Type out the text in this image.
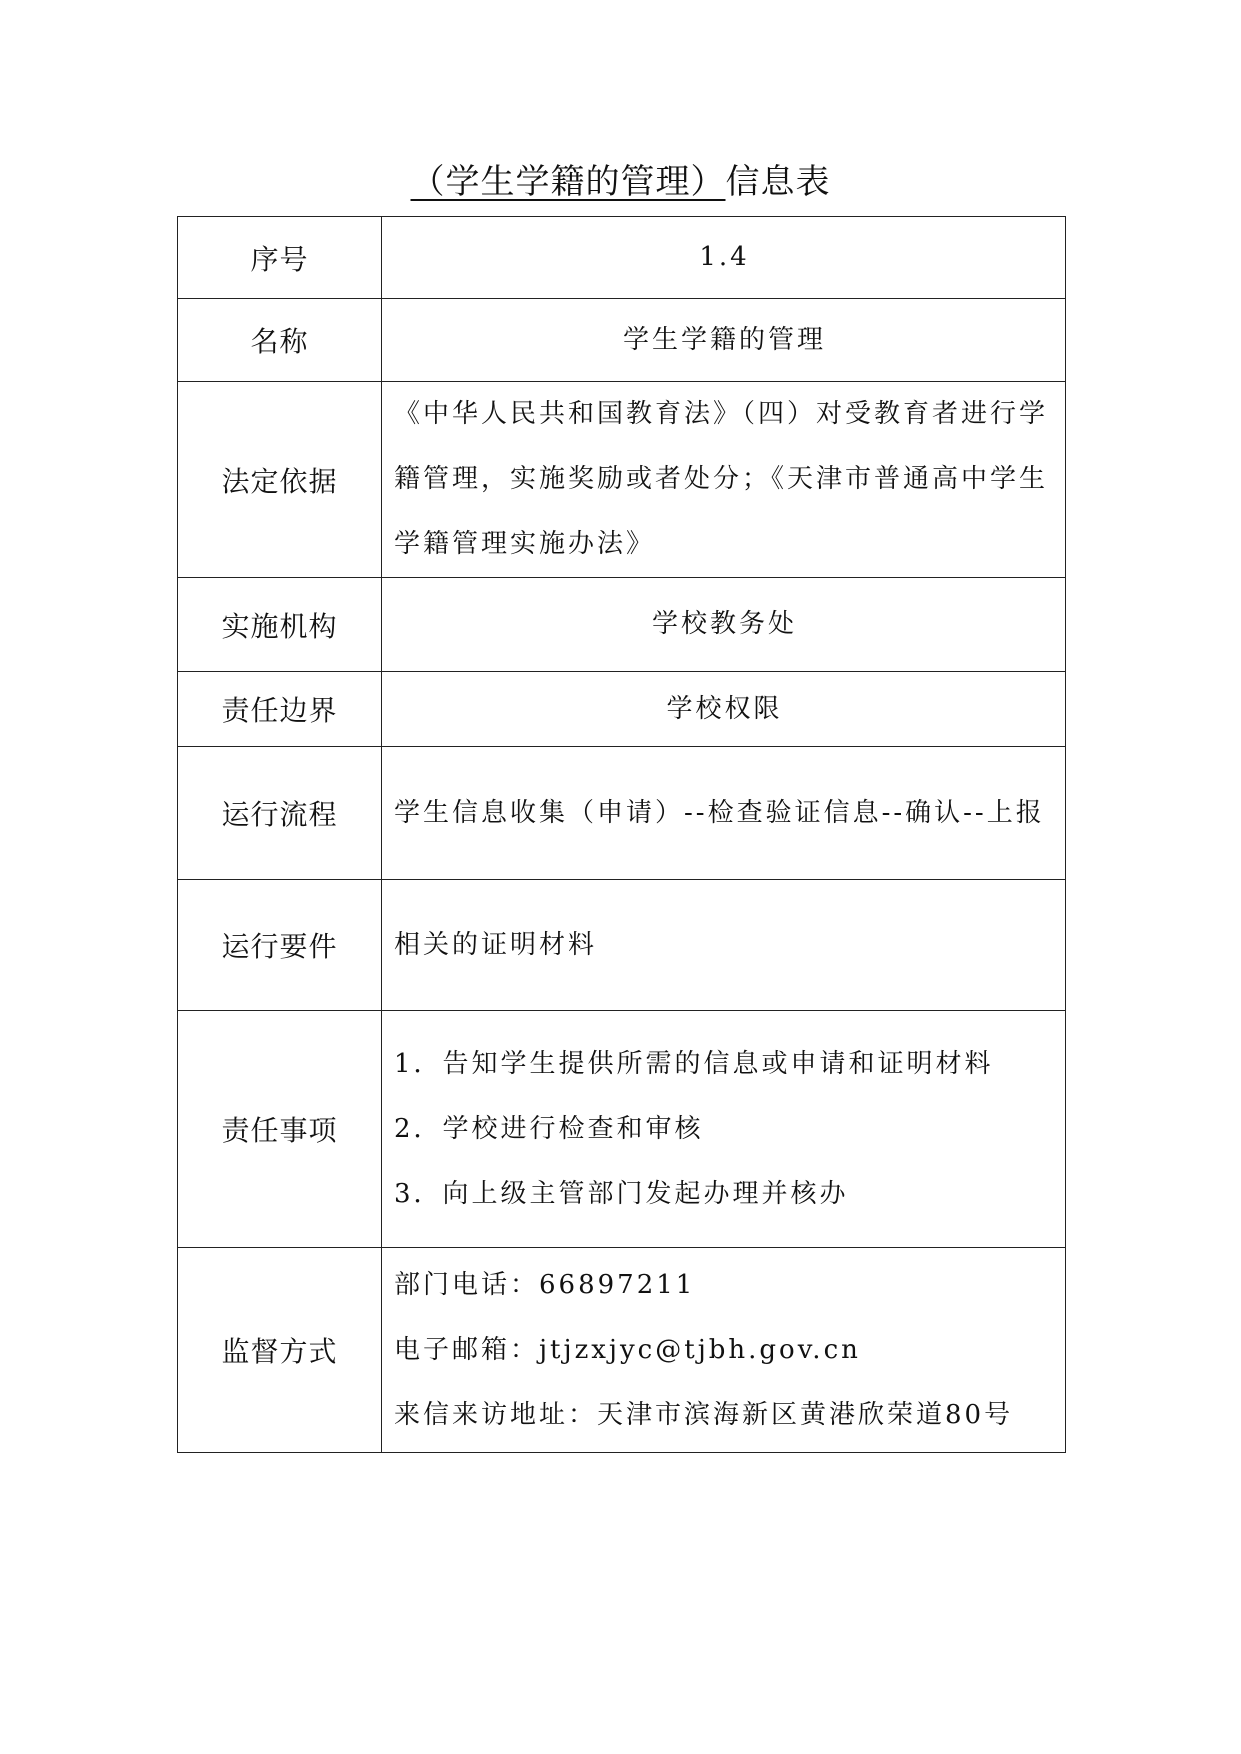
（学生学籍的管理）信息表
序号	1.4
名称	学生学籍的管理
法定依据	《中华人民共和国教育法》（四）对受教育者进行学籍管理，实施奖励或者处分；《天津市普通高中学生学籍管理实施办法》

实施机构	学校教务处
责任边界	学校权限
运行流程	学生信息收集（申请）--检查验证信息--确认--上报

运行要件	相关的证明材料
责任事项	1．告知学生提供所需的信息或申请和证明材料
2．学校进行检查和审核
3．向上级主管部门发起办理并核办

监督方式	部门电话：66897211
电子邮箱：jtjzxjyc@tjbh.gov.cn
来信来访地址：天津市滨海新区黄港欣荣道80号
